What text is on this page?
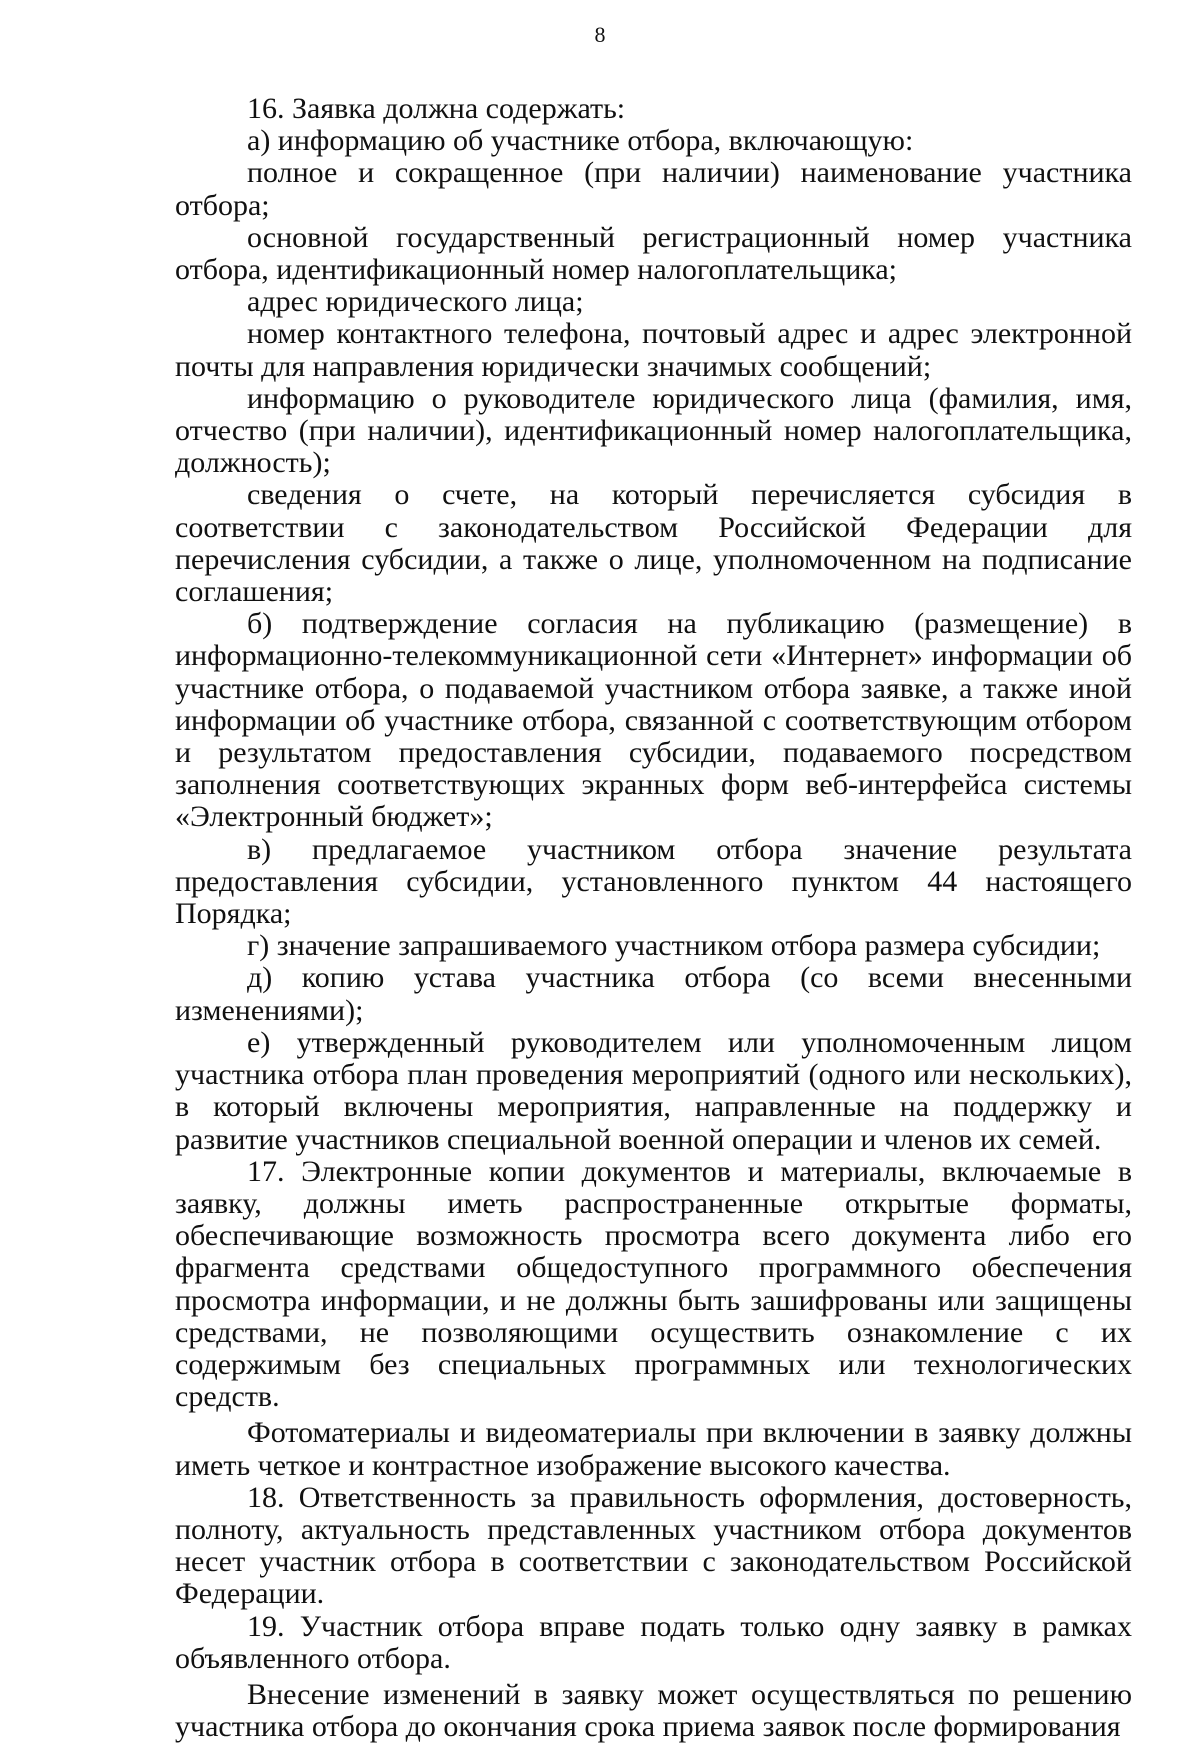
8

16. Заявка должна содержать:

а) информацию об участнике отбора, включающую:

полное и сокращенное (при наличии) наименование участника отбора;

основной государственный регистрационный номер участника отбора, идентификационный номер налогоплательщика;

адрес юридического лица;

номер контактного телефона, почтовый адрес и адрес электронной почты для направления юридически значимых сообщений;

информацию о руководителе юридического лица (фамилия, имя, отчество (при наличии), идентификационный номер налогоплательщика, должность);

сведения о счете, на который перечисляется субсидия в соответствии с законодательством Российской Федерации для перечисления субсидии, а также о лице, уполномоченном на подписание соглашения;

б) подтверждение согласия на публикацию (размещение) в информационно-телекоммуникационной сети «Интернет» информации об участнике отбора, о подаваемой участником отбора заявке, а также иной информации об участнике отбора, связанной с соответствующим отбором и результатом предоставления субсидии, подаваемого посредством заполнения соответствующих экранных форм веб-интерфейса системы «Электронный бюджет»;

в) предлагаемое участником отбора значение результата предоставления субсидии, установленного пунктом 44 настоящего Порядка;

г) значение запрашиваемого участником отбора размера субсидии;

д) копию устава участника отбора (со всеми внесенными изменениями);

е) утвержденный руководителем или уполномоченным лицом участника отбора план проведения мероприятий (одного или нескольких), в который включены мероприятия, направленные на поддержку и развитие участников специальной военной операции и членов их семей.

17. Электронные копии документов и материалы, включаемые в заявку, должны иметь распространенные открытые форматы, обеспечивающие возможность просмотра всего документа либо его фрагмента средствами общедоступного программного обеспечения просмотра информации, и не должны быть зашифрованы или защищены средствами, не позволяющими осуществить ознакомление с их содержимым без специальных программных или технологических средств.

Фотоматериалы и видеоматериалы при включении в заявку должны иметь четкое и контрастное изображение высокого качества.

18. Ответственность за правильность оформления, достоверность, полноту, актуальность представленных участником отбора документов несет участник отбора в соответствии с законодательством Российской Федерации.

19. Участник отбора вправе подать только одну заявку в рамках объявленного отбора.

Внесение изменений в заявку может осуществляться по решению участника отбора до окончания срока приема заявок после формирования
